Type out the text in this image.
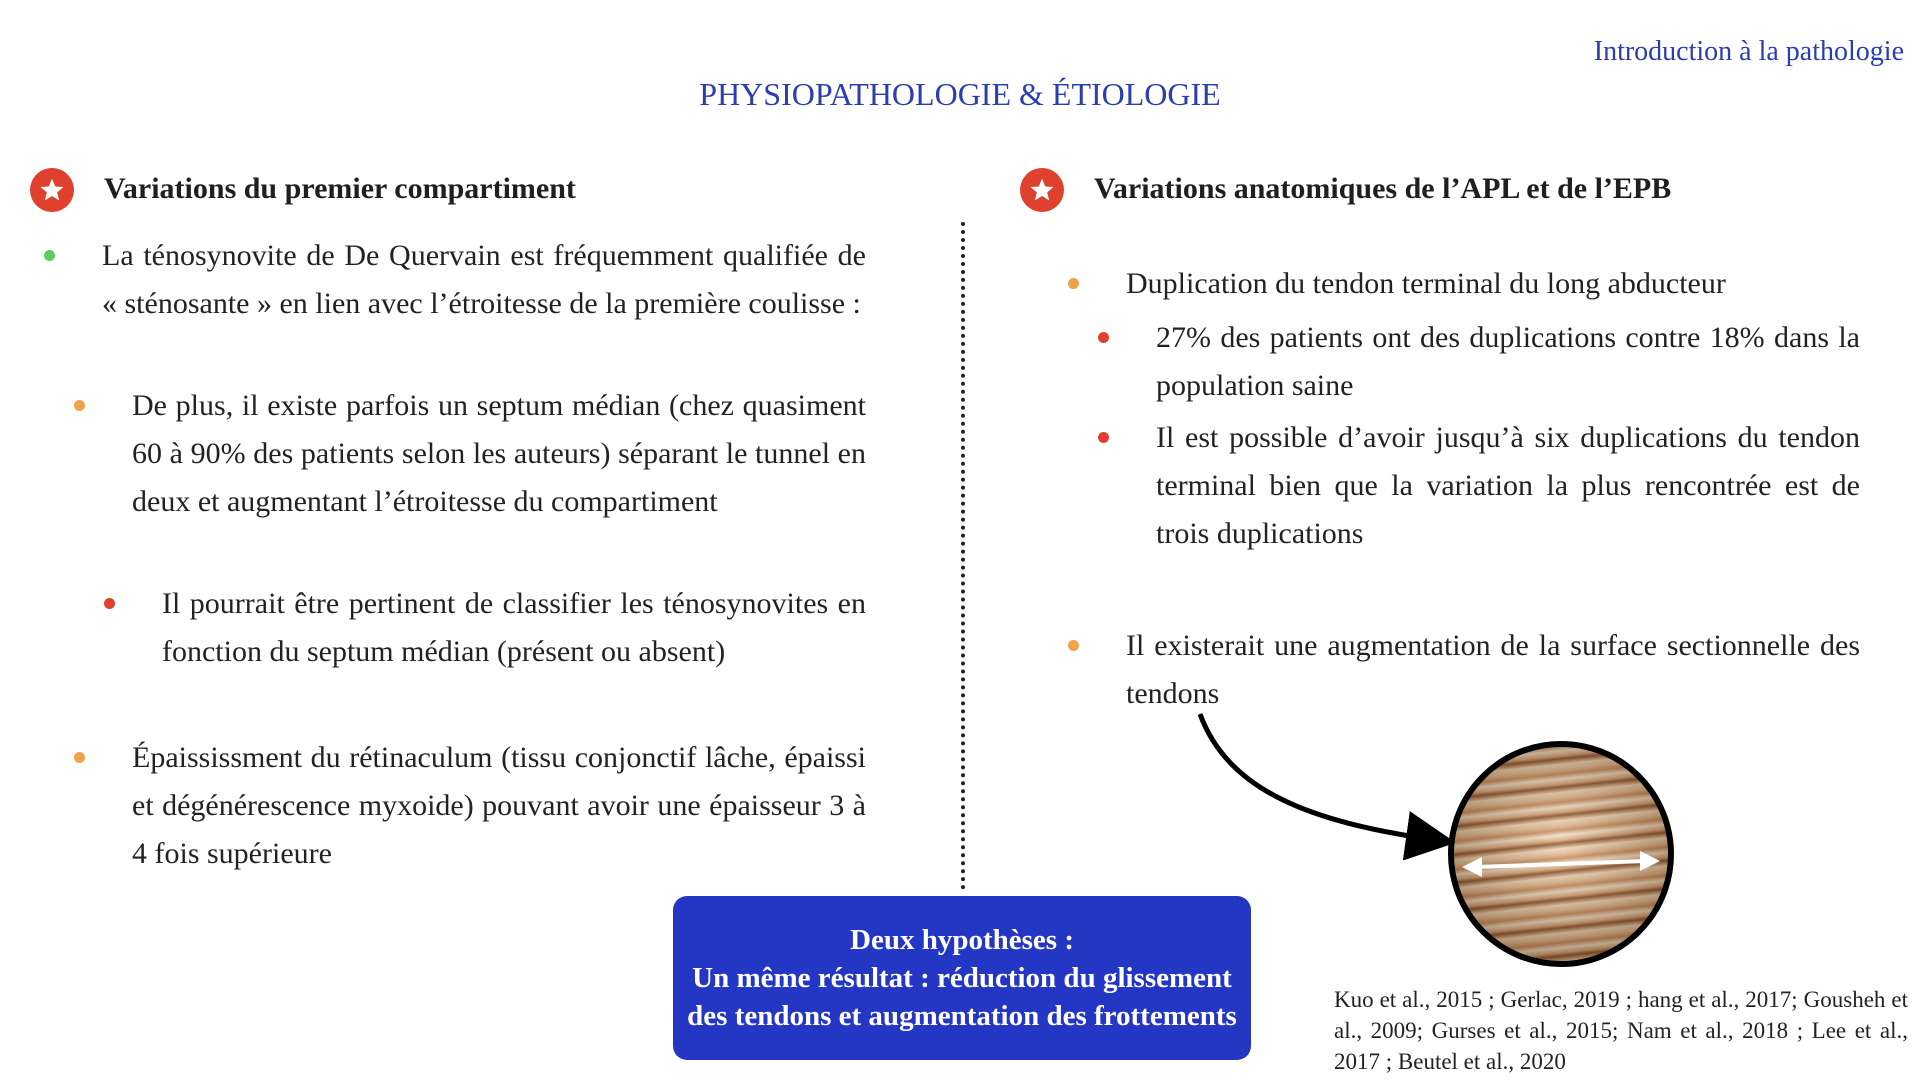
Introduction à la pathologie
PHYSIOPATHOLOGIE & ÉTIOLOGIE
Variations du premier compartiment
La ténosynovite de De Quervain est fréquemment qualifiée de « sténosante » en lien avec l’étroitesse de la première coulisse :
De plus, il existe parfois un septum médian (chez quasiment 60 à 90% des patients selon les auteurs) séparant le tunnel en deux et augmentant l’étroitesse du compartiment
Il pourrait être pertinent de classifier les ténosynovites en fonction du septum médian (présent ou absent)
Épaississment du rétinaculum (tissu conjonctif lâche, épaissi et dégénérescence myxoide) pouvant avoir une épaisseur 3 à 4 fois supérieure
Variations anatomiques de l’APL et de l’EPB
Duplication du tendon terminal du long abducteur
27% des patients ont des duplications contre 18% dans la population saine
Il est possible d’avoir jusqu’à six duplications du tendon terminal bien que la variation la plus rencontrée est de trois duplications
Il existerait une augmentation de la surface sectionnelle des tendons
Deux hypothèses :
Un même résultat : réduction du glissement des tendons et augmentation des frottements
Kuo et al., 2015 ; Gerlac, 2019 ; hang et al., 2017; Gousheh et al., 2009; Gurses et al., 2015; Nam et al., 2018 ; Lee et al., 2017 ; Beutel et al., 2020
